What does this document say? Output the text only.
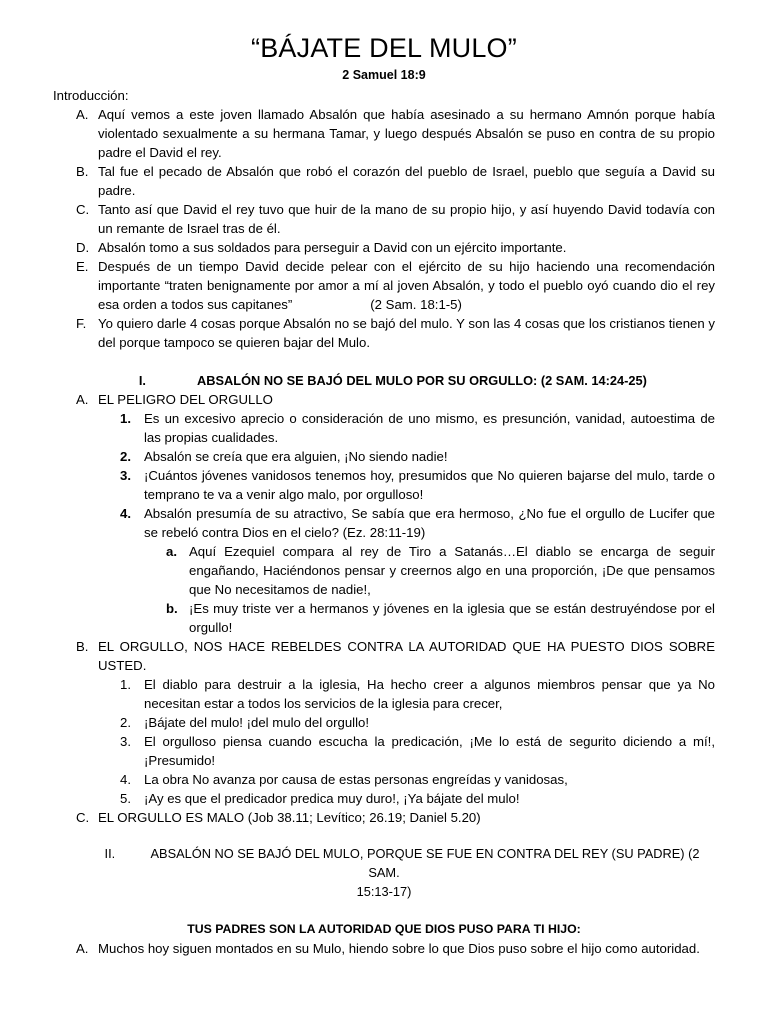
“BÁJATE DEL MULO”
2 Samuel 18:9
Introducción:
A. Aquí vemos a este joven llamado Absalón que había asesinado a su hermano Amnón porque había violentado sexualmente a su hermana Tamar, y luego después Absalón se puso en contra de su propio padre el David el rey.
B. Tal fue el pecado de Absalón que robó el corazón del pueblo de Israel, pueblo que seguía a David su padre.
C. Tanto así que David el rey tuvo que huir de la mano de su propio hijo, y así huyendo David todavía con un remante de Israel tras de él.
D. Absalón tomo a sus soldados para perseguir a David con un ejército importante.
E. Después de un tiempo David decide pelear con el ejército de su hijo haciendo una recomendación importante “traten benignamente por amor a mí al joven Absalón, y todo el pueblo oyó cuando dio el rey esa orden a todos sus capitanes”	(2 Sam. 18:1-5)
F. Yo quiero darle 4 cosas porque Absalón no se bajó del mulo. Y son las 4 cosas que los cristianos tienen y del porque tampoco se quieren bajar del Mulo.
I.	ABSALÓN NO SE BAJÓ DEL MULO POR SU ORGULLO: (2 SAM. 14:24-25)
A. EL PELIGRO DEL ORGULLO
1. Es un excesivo aprecio o consideración de uno mismo, es presunción, vanidad, autoestima de las propias cualidades.
2. Absalón se creía que era alguien, ¡No siendo nadie!
3. ¡Cuántos jóvenes vanidosos tenemos hoy, presumidos que No quieren bajarse del mulo, tarde o temprano te va a venir algo malo, por orgulloso!
4. Absalón presumía de su atractivo, Se sabía que era hermoso, ¿No fue el orgullo de Lucifer que se rebeló contra Dios en el cielo? (Ez. 28:11-19)
a. Aquí Ezequiel compara al rey de Tiro a Satanás…El diablo se encarga de seguir engañando, Haciéndonos pensar y creernos algo en una proporción, ¡De que pensamos que No necesitamos de nadie!,
b. ¡Es muy triste ver a hermanos y jóvenes en la iglesia que se están destruyéndose por el orgullo!
B. EL ORGULLO, NOS HACE REBELDES CONTRA LA AUTORIDAD QUE HA PUESTO DIOS SOBRE USTED.
1. El diablo para destruir a la iglesia, Ha hecho creer a algunos miembros pensar que ya No necesitan estar a todos los servicios de la iglesia para crecer,
2. ¡Bájate del mulo! ¡del mulo del orgullo!
3. El orgulloso piensa cuando escucha la predicación, ¡Me lo está de segurito diciendo a mí!, ¡Presumido!
4. La obra No avanza por causa de estas personas engreídas y vanidosas,
5. ¡Ay es que el predicador predica muy duro!, ¡Ya bájate del mulo!
C. EL ORGULLO ES MALO (Job 38.11; Levítico; 26.19; Daniel 5.20)
II.	ABSALÓN NO SE BAJÓ DEL MULO, PORQUE SE FUE EN CONTRA DEL REY (SU PADRE) (2 SAM.
15:13-17)
TUS PADRES SON LA AUTORIDAD QUE DIOS PUSO PARA TI HIJO:
A. Muchos hoy siguen montados en su Mulo, hiendo sobre lo que Dios puso sobre el hijo como autoridad.
